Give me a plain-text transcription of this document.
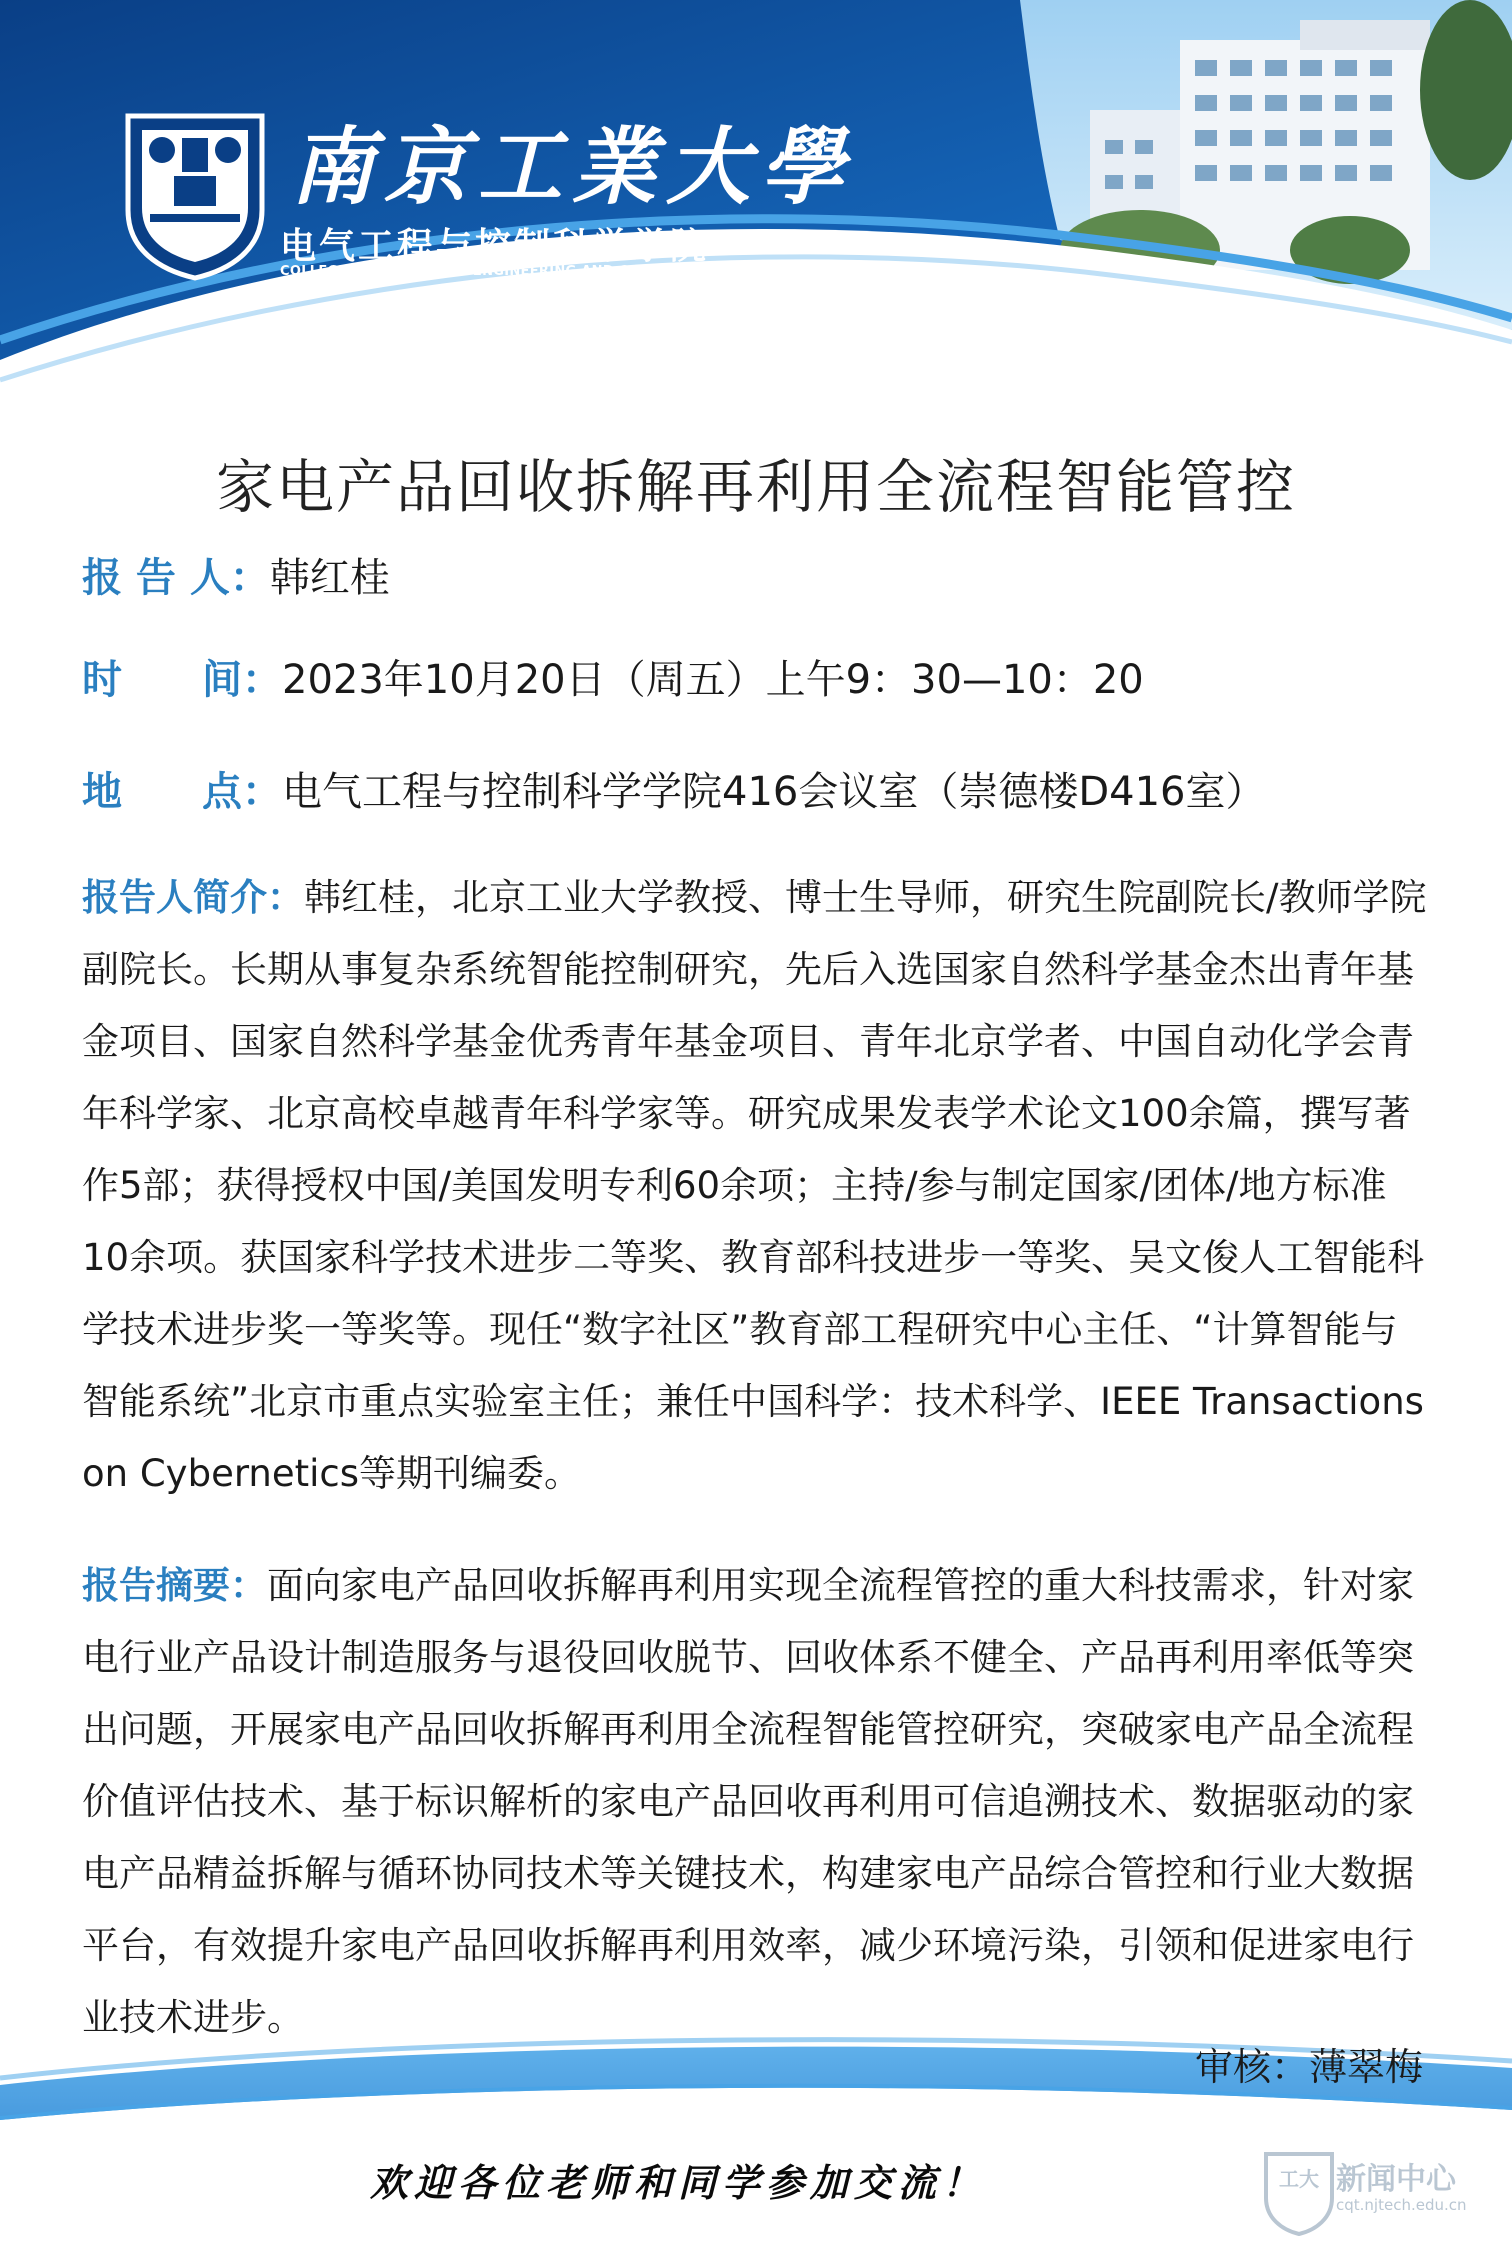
南京工業大學
电气工程与控制科学学院
COLLEGE OF ELECTRICAL ENGINEERING AND CONTROL SCIENCE
家电产品回收拆解再利用全流程智能管控
报 告 人：韩红桂
时　　间：2023年10月20日（周五）上午9：30—10：20
地　　点：电气工程与控制科学学院416会议室（崇德楼D416室）

报告人简介：韩红桂，北京工业大学教授、博士生导师，研究生院副院长/教师学院副院长。长期从事复杂系统智能控制研究，先后入选国家自然科学基金杰出青年基金项目、国家自然科学基金优秀青年基金项目、青年北京学者、中国自动化学会青年科学家、北京高校卓越青年科学家等。研究成果发表学术论文100余篇，撰写著作5部；获得授权中国/美国发明专利60余项；主持/参与制定国家/团体/地方标准10余项。获国家科学技术进步二等奖、教育部科技进步一等奖、吴文俊人工智能科学技术进步奖一等奖等。现任“数字社区”教育部工程研究中心主任、“计算智能与智能系统”北京市重点实验室主任；兼任中国科学：技术科学、IEEE Transactions on Cybernetics等期刊编委。

报告摘要：面向家电产品回收拆解再利用实现全流程管控的重大科技需求，针对家电行业产品设计制造服务与退役回收脱节、回收体系不健全、产品再利用率低等突出问题，开展家电产品回收拆解再利用全流程智能管控研究，突破家电产品全流程价值评估技术、基于标识解析的家电产品回收再利用可信追溯技术、数据驱动的家电产品精益拆解与循环协同技术等关键技术，构建家电产品综合管控和行业大数据平台，有效提升家电产品回收拆解再利用效率，减少环境污染，引领和促进家电行业技术进步。

审核：薄翠梅
欢迎各位老师和同学参加交流！	工大 新闻中心
cqt.njtech.edu.cn
